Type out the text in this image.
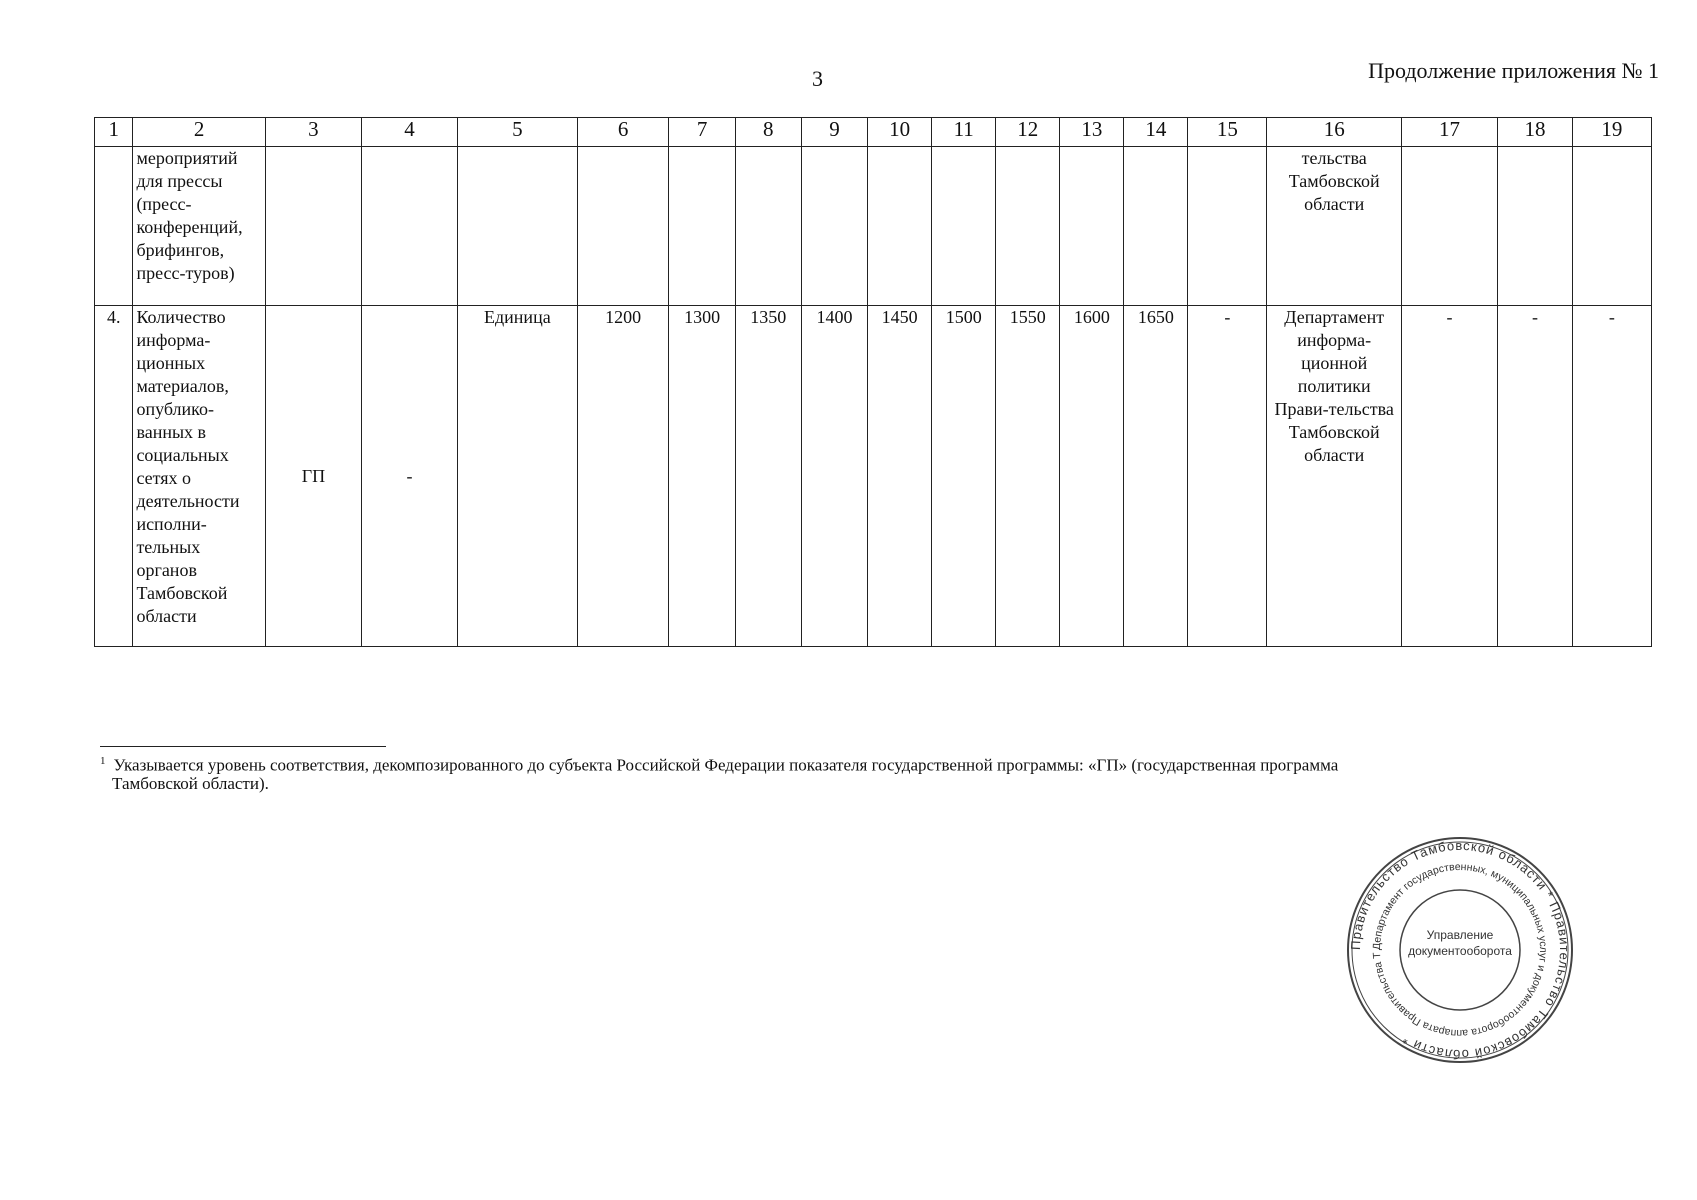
3	Продолжение приложения № 1
1	2	3	4	5	6	7	8	9	10	11	12	13	14	15	16	17	18	19
	мероприятий для прессы (пресс-конференций, брифингов, пресс-туров)														тельства Тамбовской области			
4.	Количество информа-ционных материалов, опублико-ванных в социальных сетях о деятельности исполни-тельных органов Тамбовской области	ГП	-	Единица	1200	1300	1350	1400	1450	1500	1550	1600	1650	-	Департамент информа-ционной политики Прави-тельства Тамбовской области	-	-	-
$^1$ Указывается уровень соответствия, декомпозированного до субъекта Российской Федерации показателя государственной программы: «ГП» (государственная программа
Тамбовской области).
Правительство Тамбовской области * Правительство Тамбовской области *
Департамент государственных, муниципальных услуг и документооборота аппарата Правительства Т
Управление документооборота
